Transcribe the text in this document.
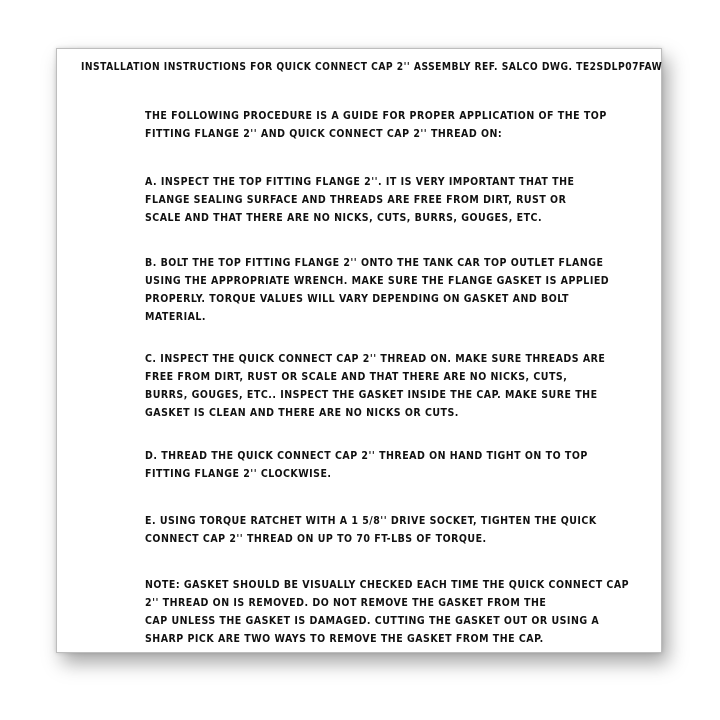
INSTALLATION INSTRUCTIONS FOR QUICK CONNECT CAP 2'' ASSEMBLY REF. SALCO DWG. TE2SDLP07FAW
THE FOLLOWING PROCEDURE IS A GUIDE FOR PROPER APPLICATION OF THE TOP
FITTING FLANGE 2'' AND QUICK CONNECT CAP 2'' THREAD ON:
A. INSPECT THE TOP FITTING FLANGE 2''. IT IS VERY IMPORTANT THAT THE
FLANGE SEALING SURFACE AND THREADS ARE FREE FROM DIRT, RUST OR
SCALE AND THAT THERE ARE NO NICKS, CUTS, BURRS, GOUGES, ETC.
B. BOLT THE TOP FITTING FLANGE 2'' ONTO THE TANK CAR TOP OUTLET FLANGE
USING THE APPROPRIATE WRENCH. MAKE SURE THE FLANGE GASKET IS APPLIED
PROPERLY. TORQUE VALUES WILL VARY DEPENDING ON GASKET AND BOLT
MATERIAL.
C. INSPECT THE QUICK CONNECT CAP 2'' THREAD ON. MAKE SURE THREADS ARE
FREE FROM DIRT, RUST OR SCALE AND THAT THERE ARE NO NICKS, CUTS,
BURRS, GOUGES, ETC.. INSPECT THE GASKET INSIDE THE CAP. MAKE SURE THE
GASKET IS CLEAN AND THERE ARE NO NICKS OR CUTS.
D. THREAD THE QUICK CONNECT CAP 2'' THREAD ON HAND TIGHT ON TO TOP
FITTING FLANGE 2'' CLOCKWISE.
E. USING TORQUE RATCHET WITH A 1 5/8'' DRIVE SOCKET, TIGHTEN THE QUICK
CONNECT CAP 2'' THREAD ON UP TO 70 FT-LBS OF TORQUE.
NOTE: GASKET SHOULD BE VISUALLY CHECKED EACH TIME THE QUICK CONNECT CAP
2'' THREAD ON IS REMOVED. DO NOT REMOVE THE GASKET FROM THE
CAP UNLESS THE GASKET IS DAMAGED. CUTTING THE GASKET OUT OR USING A
SHARP PICK ARE TWO WAYS TO REMOVE THE GASKET FROM THE CAP.
